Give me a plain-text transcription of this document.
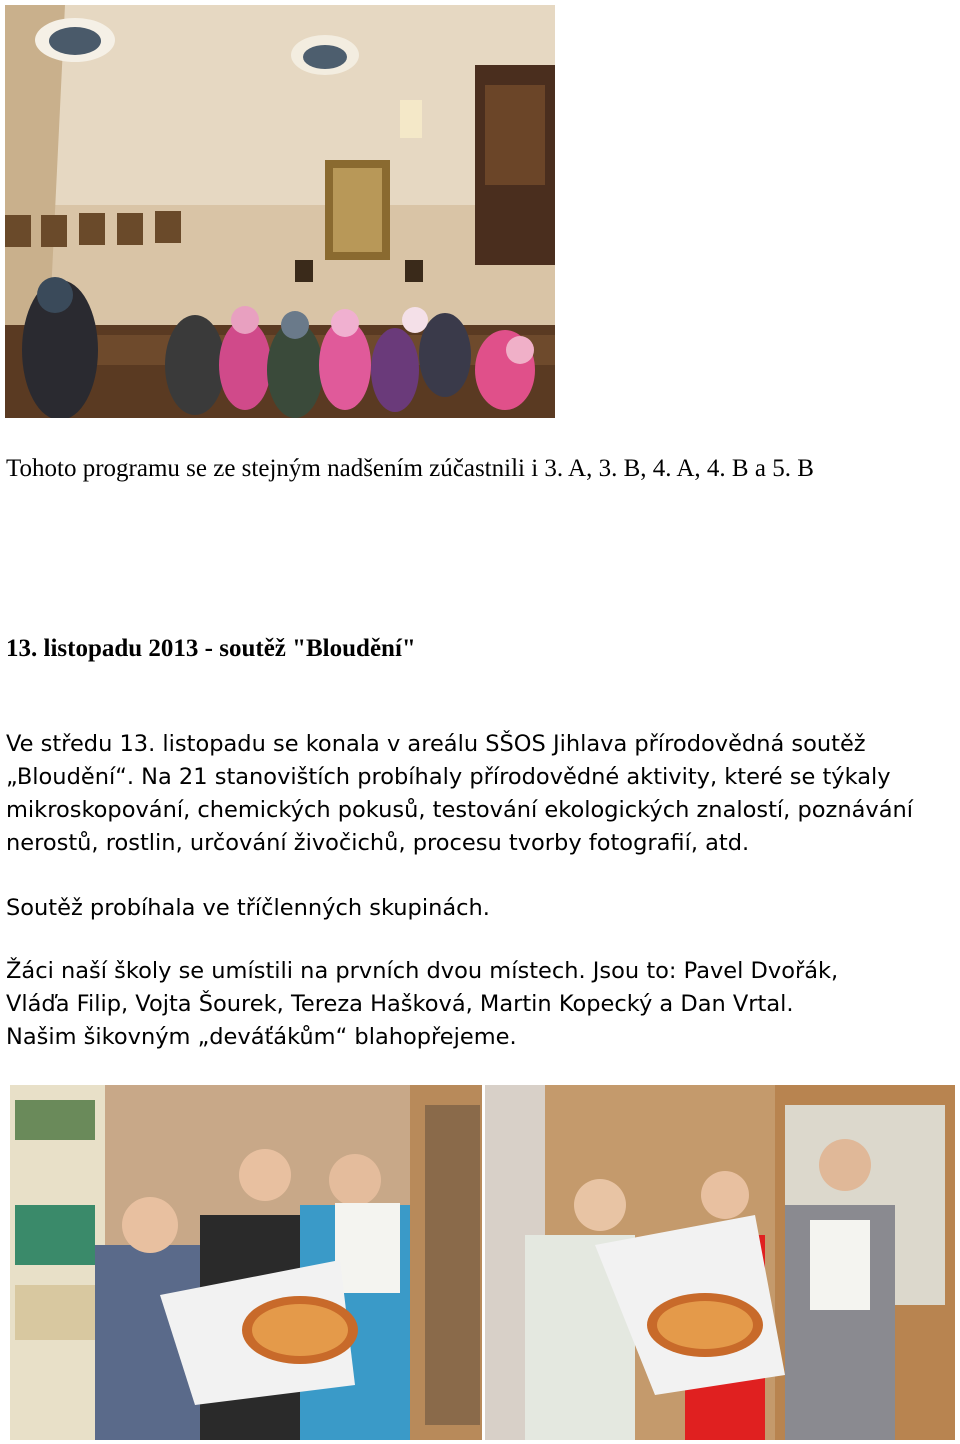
Tohoto programu se ze stejným nadšením zúčastnili i 3. A, 3. B, 4. A, 4. B a 5. B

13. listopadu 2013 - soutěž "Bloudění"

Ve středu 13. listopadu se konala v areálu SŠOS Jihlava přírodovědná soutěž „Bloudění“. Na 21 stanovištích probíhaly přírodovědné aktivity, které se týkaly mikroskopování, chemických pokusů, testování ekologických znalostí, poznávání nerostů, rostlin, určování živočichů, procesu tvorby fotografií, atd.

Soutěž probíhala ve tříčlenných skupinách.

Žáci naší školy se umístili na prvních dvou místech. Jsou to: Pavel Dvořák,

Vláďa Filip, Vojta Šourek, Tereza Hašková, Martin Kopecký a Dan Vrtal.

Našim šikovným „deváťákům“ blahopřejeme.
